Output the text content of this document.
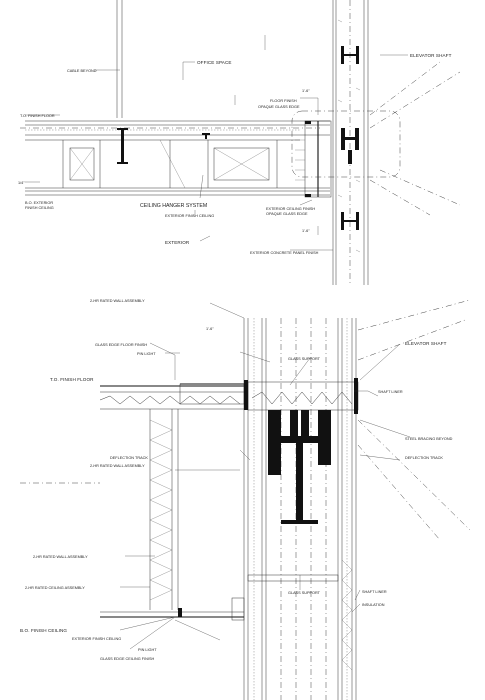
CABLE BEYOND
OFFICE SPACE
ELEVATOR SHAFT
1'-6"
FLOOR FINISH
OPAQUE GLASS EDGE
T.O. FINISH FLOOR
1/4"
B.O. EXTERIOR
FINISH CEILING	CEILING HANGER SYSTEM
EXTERIOR FINISH CEILING
EXTERIOR CEILING FINISH
OPAQUE GLASS EDGE
EXTERIOR
1'-6"
EXTERIOR CONCRETE PANEL FINISH
2-HR RATED WALL ASSEMBLY
1'-6"
GLASS EDGE FLOOR FINISH
PIN LIGHT
GLASS SUPPORT
ELEVATOR SHAFT
T.O. FINISH FLOOR
SHAFT LINER
STEEL BRACING BEYOND
DEFLECTION TRACK
2-HR RATED WALL ASSEMBLY
DEFLECTION TRACK
2-HR RATED WALL ASSEMBLY
2-HR RATED CEILING ASSEMBLY
GLASS SUPPORT	SHAFT LINER
INSULATION
B.O. FINISH CEILING
EXTERIOR FINISH CEILING
PIN LIGHT
GLASS EDGE CEILING FINISH
